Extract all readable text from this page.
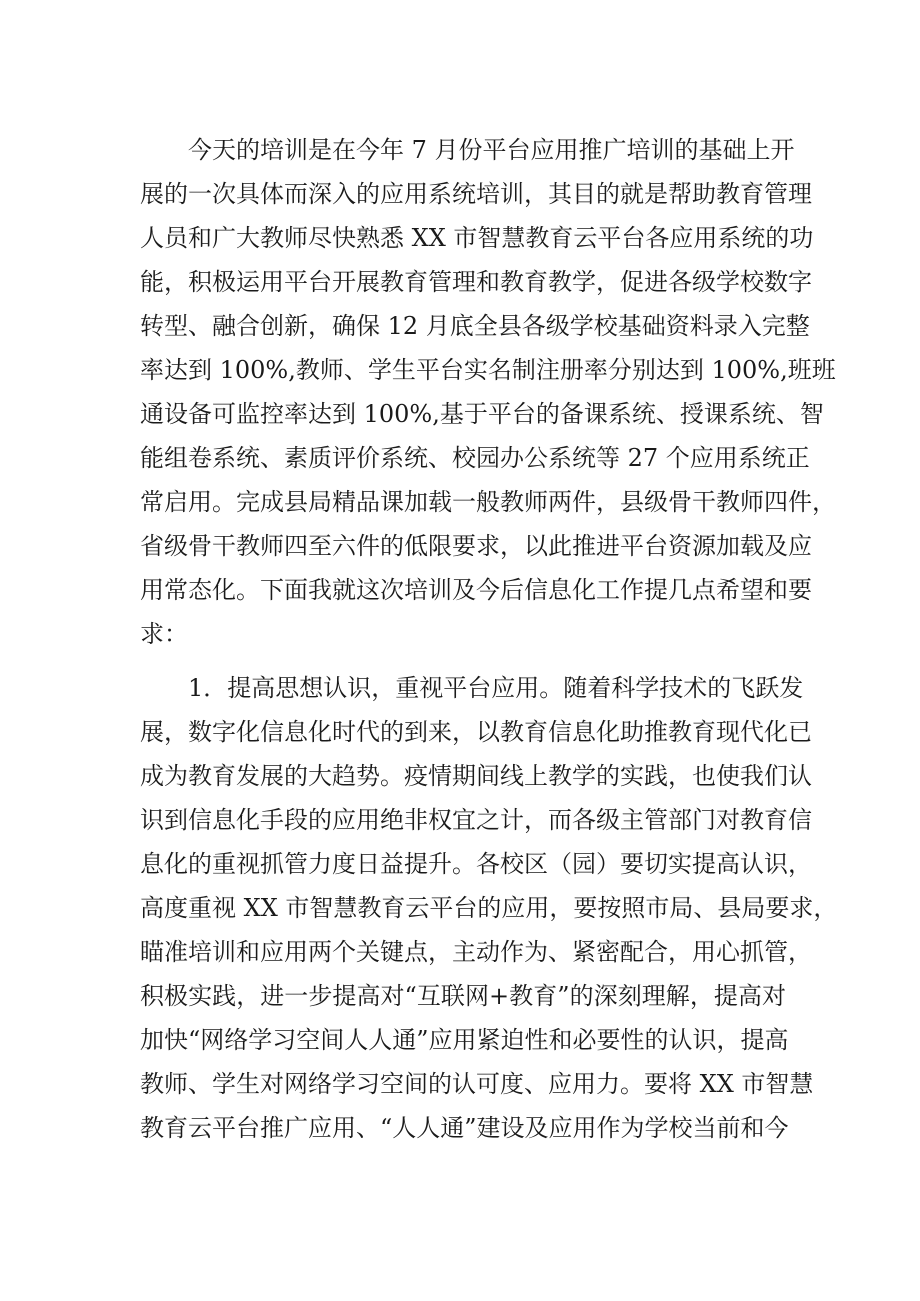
今天的培训是在今年 7 月份平台应用推广培训的基础上开
展的一次具体而深入的应用系统培训，其目的就是帮助教育管理
人员和广大教师尽快熟悉 XX 市智慧教育云平台各应用系统的功
能，积极运用平台开展教育管理和教育教学，促进各级学校数字
转型、融合创新，确保 12 月底全县各级学校基础资料录入完整
率达到 100%,教师、学生平台实名制注册率分别达到 100%,班班
通设备可监控率达到 100%,基于平台的备课系统、授课系统、智
能组卷系统、素质评价系统、校园办公系统等 27 个应用系统正
常启用。完成县局精品课加载一般教师两件，县级骨干教师四件，
省级骨干教师四至六件的低限要求，以此推进平台资源加载及应
用常态化。下面我就这次培训及今后信息化工作提几点希望和要
求：
1．提高思想认识，重视平台应用。随着科学技术的飞跃发
展，数字化信息化时代的到来，以教育信息化助推教育现代化已
成为教育发展的大趋势。疫情期间线上教学的实践，也使我们认
识到信息化手段的应用绝非权宜之计，而各级主管部门对教育信
息化的重视抓管力度日益提升。各校区（园）要切实提高认识，
高度重视 XX 市智慧教育云平台的应用，要按照市局、县局要求，
瞄准培训和应用两个关键点，主动作为、紧密配合，用心抓管，
积极实践，进一步提高对“互联网+教育”的深刻理解，提高对
加快“网络学习空间人人通”应用紧迫性和必要性的认识，提高
教师、学生对网络学习空间的认可度、应用力。要将 XX 市智慧
教育云平台推广应用、“人人通”建设及应用作为学校当前和今
